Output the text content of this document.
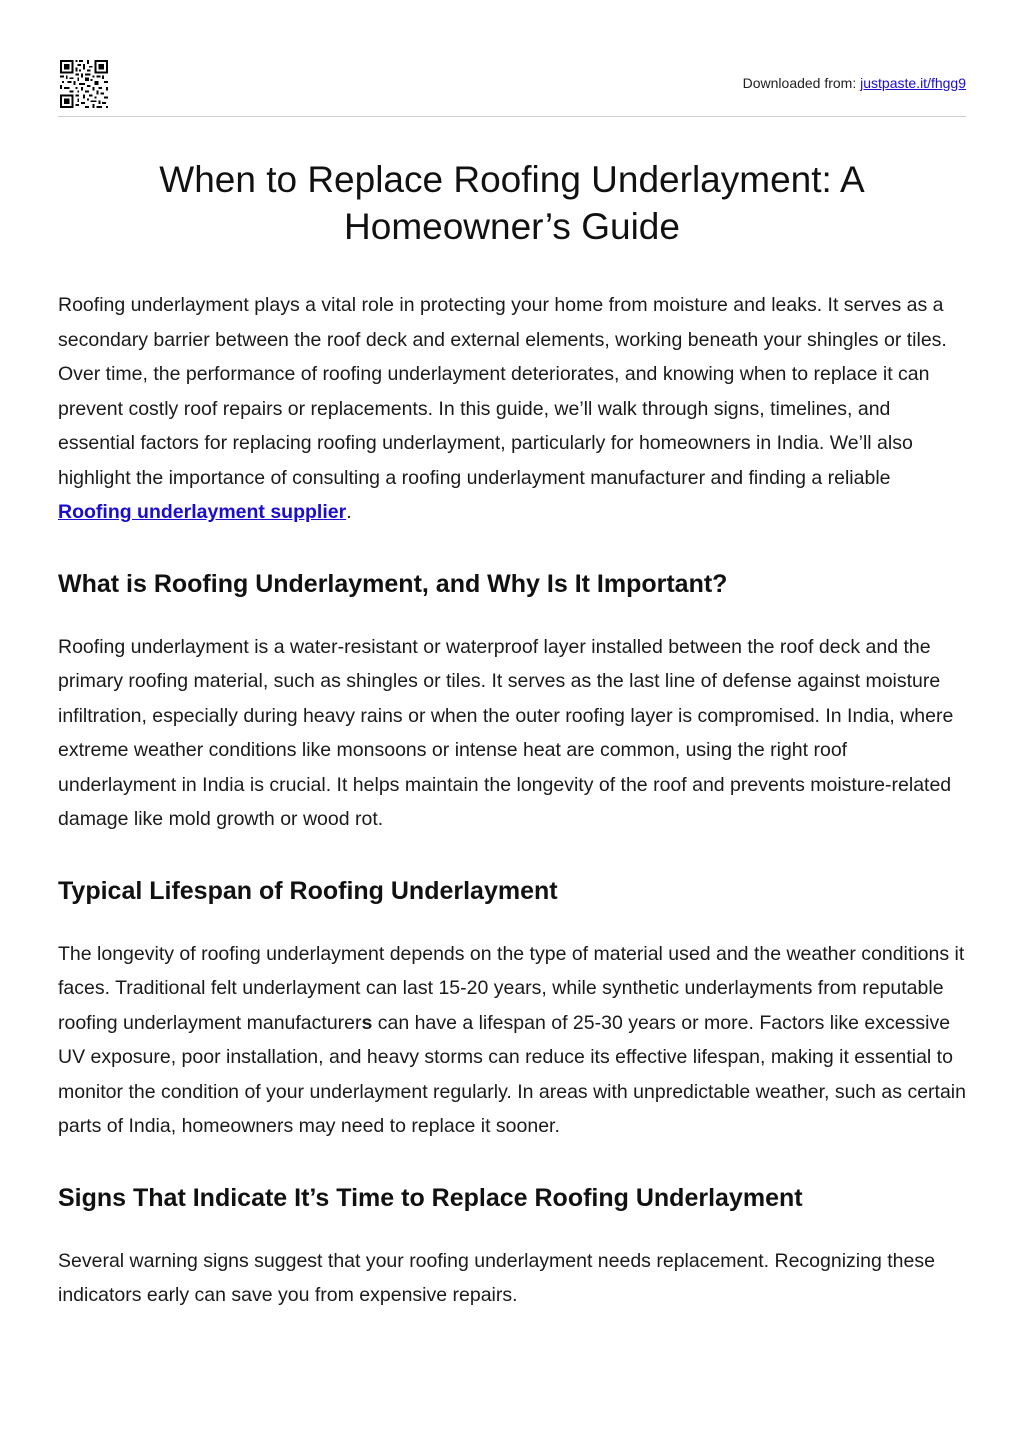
Downloaded from: justpaste.it/fhgg9
When to Replace Roofing Underlayment: A Homeowner’s Guide

Roofing underlayment plays a vital role in protecting your home from moisture and leaks. It serves as a secondary barrier between the roof deck and external elements, working beneath your shingles or tiles. Over time, the performance of roofing underlayment deteriorates, and knowing when to replace it can prevent costly roof repairs or replacements. In this guide, we’ll walk through signs, timelines, and essential factors for replacing roofing underlayment, particularly for homeowners in India. We’ll also highlight the importance of consulting a roofing underlayment manufacturer and finding a reliable Roofing underlayment supplier.

What is Roofing Underlayment, and Why Is It Important?

Roofing underlayment is a water-resistant or waterproof layer installed between the roof deck and the primary roofing material, such as shingles or tiles. It serves as the last line of defense against moisture infiltration, especially during heavy rains or when the outer roofing layer is compromised. In India, where extreme weather conditions like monsoons or intense heat are common, using the right roof underlayment in India is crucial. It helps maintain the longevity of the roof and prevents moisture-related damage like mold growth or wood rot.

Typical Lifespan of Roofing Underlayment

The longevity of roofing underlayment depends on the type of material used and the weather conditions it faces. Traditional felt underlayment can last 15-20 years, while synthetic underlayments from reputable roofing underlayment manufacturers can have a lifespan of 25-30 years or more. Factors like excessive UV exposure, poor installation, and heavy storms can reduce its effective lifespan, making it essential to monitor the condition of your underlayment regularly. In areas with unpredictable weather, such as certain parts of India, homeowners may need to replace it sooner.

Signs That Indicate It’s Time to Replace Roofing Underlayment

Several warning signs suggest that your roofing underlayment needs replacement. Recognizing these indicators early can save you from expensive repairs.
